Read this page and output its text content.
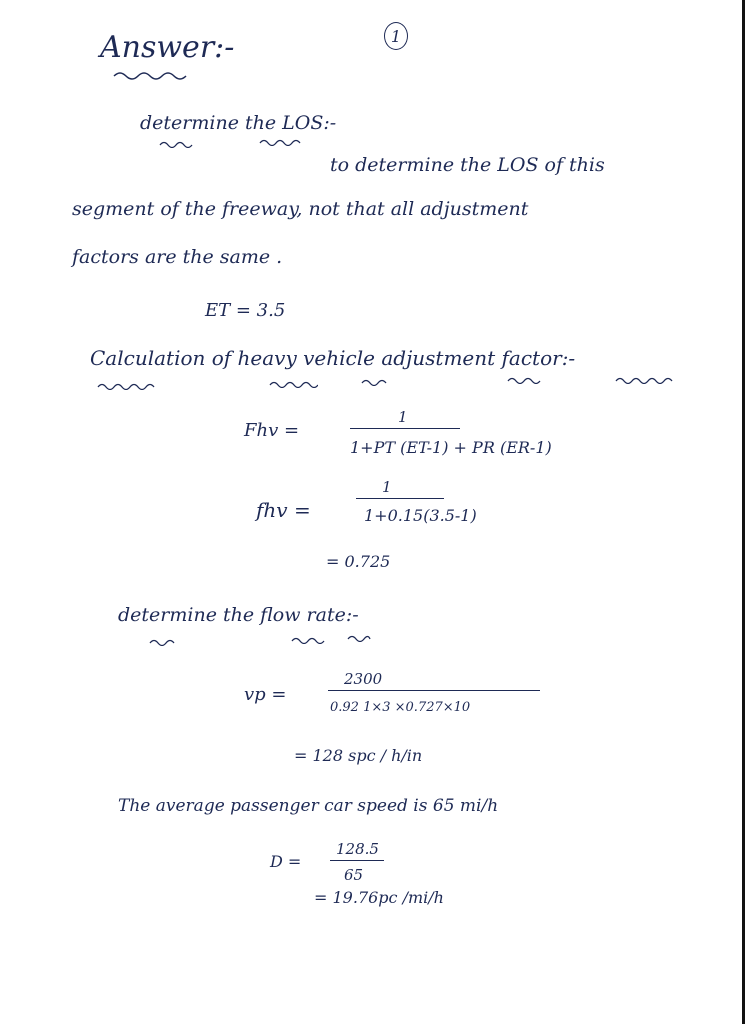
1
Answer:-
determine the LOS:-
to determine the LOS of this
segment of the freeway, not that all adjustment
factors are the same .
ET = 3.5
Calculation of heavy vehicle adjustment factor:-
Fhv =
1
1+PT (ET-1) + PR (ER-1)
fhv =
1
1+0.15(3.5-1)
= 0.725
determine the flow rate:-
vp =
2300
0.92 1×3 ×0.727×10
= 128 spc / h/in
The average passenger car speed is 65 mi/h
D =
128.5
65
= 19.76pc /mi/h
